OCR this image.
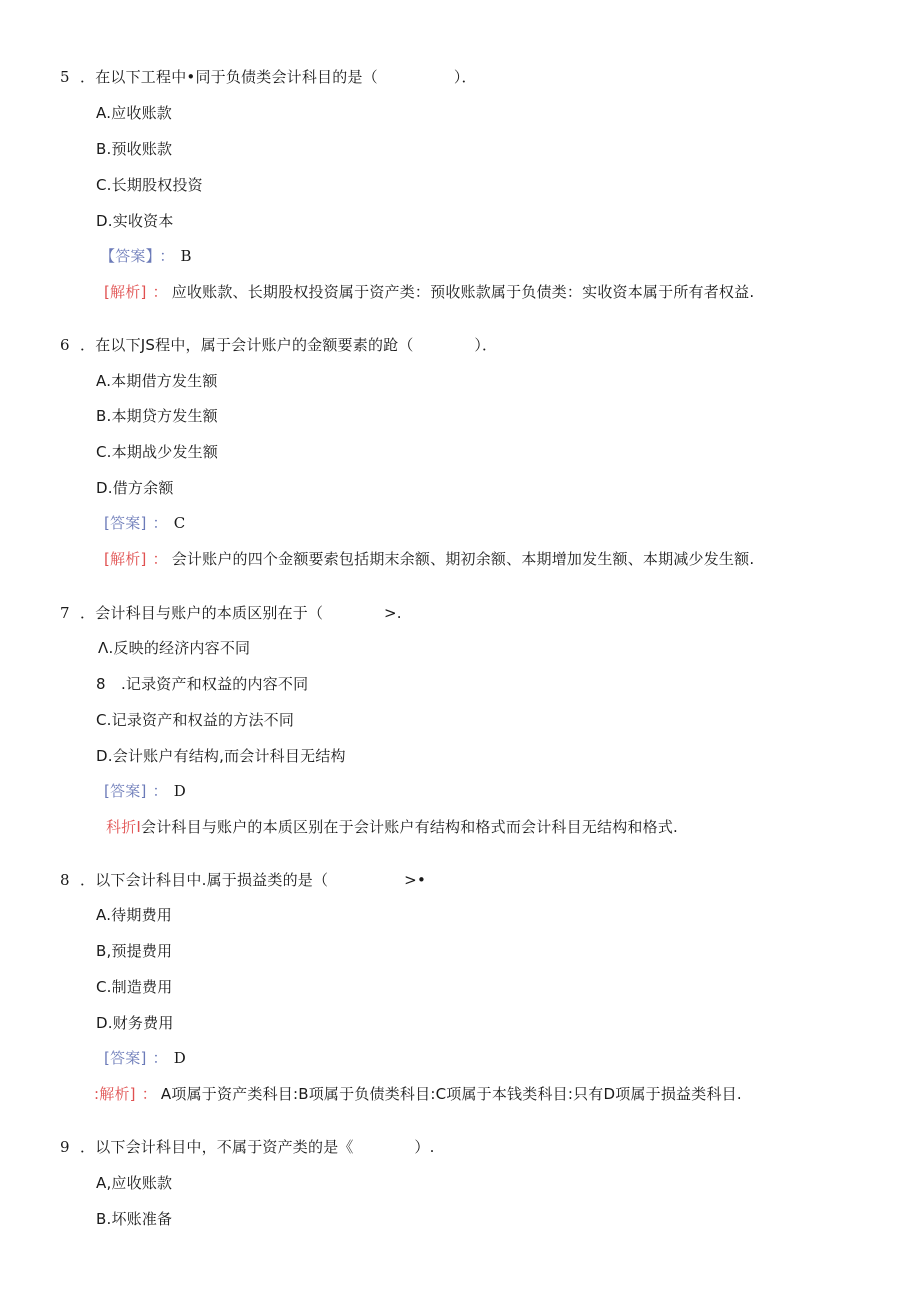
5 ．在以下工程中•同于负债类会计科目的是（　　　　　）．
A.应收账款
B.预收账款
C.长期股权投资
D.实收资本
【答案】 ： B
[解析] ： 应收账款、长期股权投资属于资产类：预收账款属于负债类：实收资本属于所有者权益.
6 ．在以下JS程中，属于会计账户的金额要素的跄（　　　　）．
A.本期借方发生额
B.本期贷方发生额
C.本期战少发生额
D.借方余额
[答案] ： C
[解析] ： 会计账户的四个金额要索包括期末余额、期初余额、本期增加发生额、本期减少发生额.
7 ．会计科目与账户的本质区别在于（　　　　>.
Λ.反映的经济内容不同
8　.记录资产和权益的内容不同
C.记录资产和权益的方法不同
D.会计账户有结构,而会计科目无结构
[答案] ： D
科折I会计科目与账户的本质区别在于会计账户有结构和格式而会计科目无结构和格式.
8 ．以下会计科目中.属于损益类的是（　　　　　>•
A.待期费用
B,预提费用
C.制造费用
D.财务费用
[答案] ： D
:解析] ： A项属于资产类科目:B项属于负债类科目:C项属于本钱类科目:只有D项属于损益类科目.
9 ．以下会计科目中，不属于资产类的是《　　　　）.
A,应收账款
B.坏账准备
